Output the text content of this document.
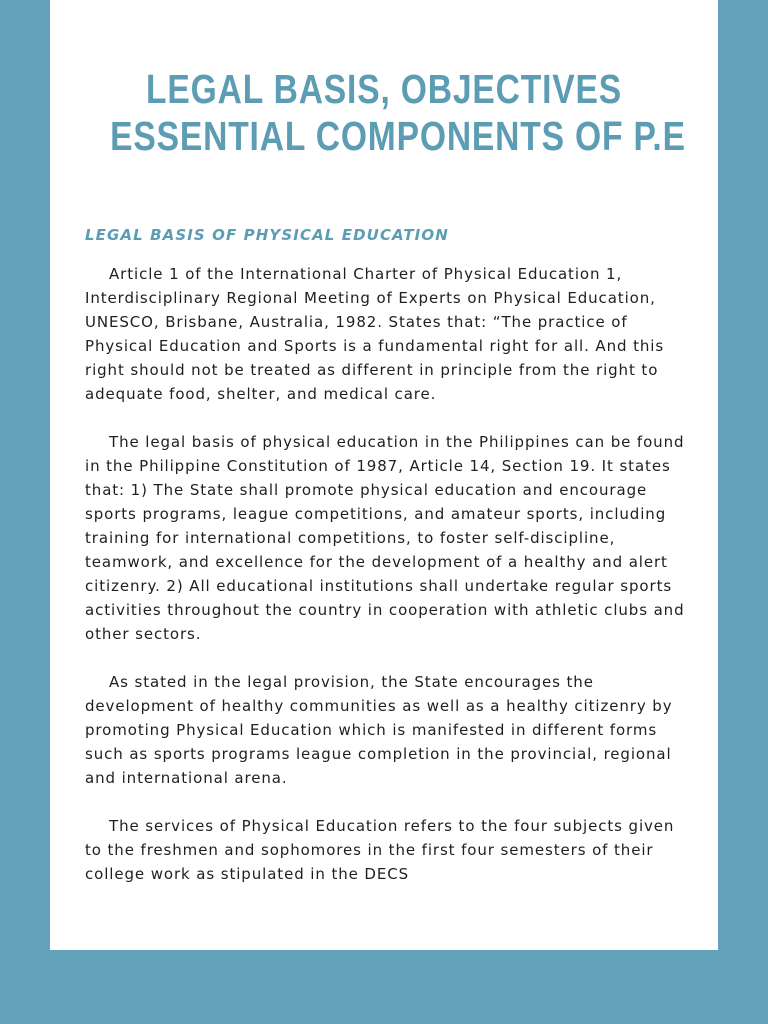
LEGAL BASIS, OBJECTIVES
ESSENTIAL COMPONENTS OF P.E
LEGAL BASIS OF PHYSICAL EDUCATION

Article 1 of the International Charter of Physical Education 1, Interdisciplinary Regional Meeting of Experts on Physical Education, UNESCO, Brisbane, Australia, 1982. States that: “The practice of Physical Education and Sports is a fundamental right for all. And this right should not be treated as different in principle from the right to adequate food, shelter, and medical care.

The legal basis of physical education in the Philippines can be found in the Philippine Constitution of 1987, Article 14, Section 19. It states that: 1) The State shall promote physical education and encourage sports programs, league competitions, and amateur sports, including training for international competitions, to foster self-discipline, teamwork, and excellence for the development of a healthy and alert citizenry. 2) All educational institutions shall undertake regular sports activities throughout the country in cooperation with athletic clubs and other sectors.

As stated in the legal provision, the State encourages the development of healthy communities as well as a healthy citizenry by promoting Physical Education which is manifested in different forms such as sports programs league completion in the provincial, regional and international arena.

The services of Physical Education refers to the four subjects given to the freshmen and sophomores in the first four semesters of their college work as stipulated in the DECS
